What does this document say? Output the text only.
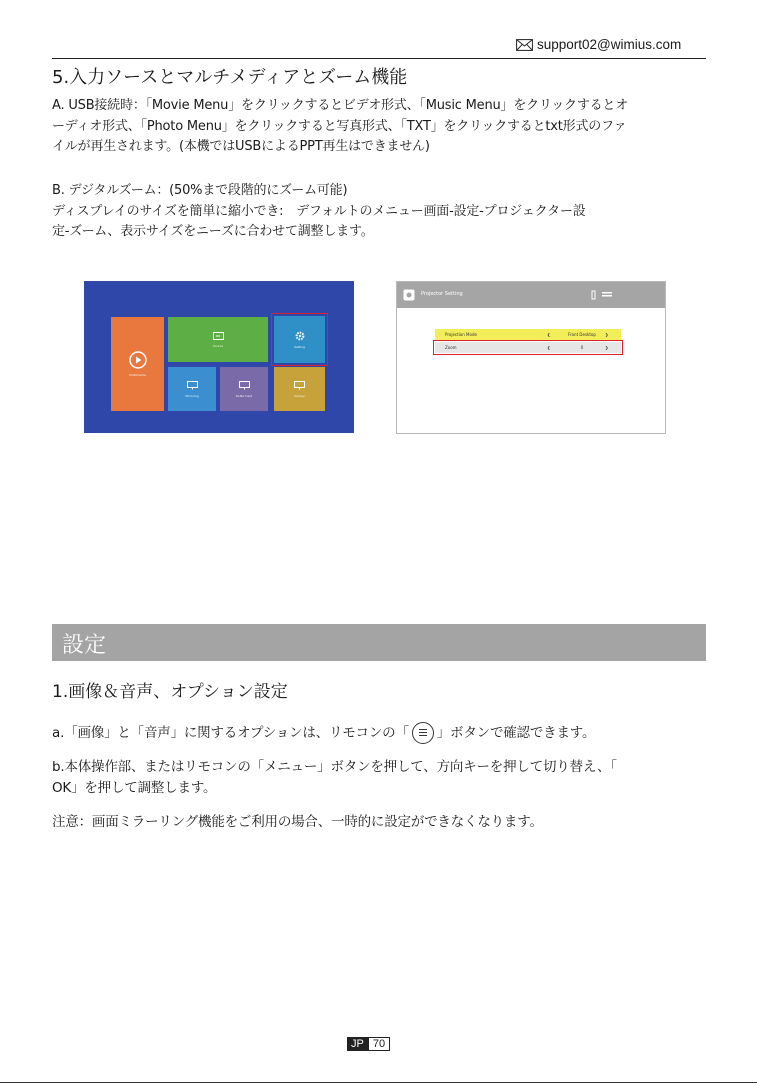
support02@wimius.com
5.入力ソースとマルチメディアとズーム機能
A. USB接続時：「Movie Menu」をクリックするとビデオ形式、「Music Menu」をクリックするとオ
ーディオ形式、「Photo Menu」をクリックすると写真形式、「TXT」をクリックするとtxt形式のファ
イルが再生されます。(本機ではUSBによるPPT再生はできません)
B. デジタルズーム：(50%まで段階的にズーム可能)
ディスプレイのサイズを簡単に縮小でき:　デフォルトのメニュー画面-設定-プロジェクター設
定-ズーム、表示サイズをニーズに合わせて調整します。
Multimedia
Source	Setting
Mirroring	DLNA Cast	Airplay
Projector Setting
Projection Mode	❮	Front Desktop	❯
Zoom	❮	0	❯
設定
1.画像＆音声、オプション設定
a.「画像」と「音声」に関するオプションは、リモコンの「 」ボタンで確認できます。
b.本体操作部、またはリモコンの「メニュー」ボタンを押して、方向キーを押して切り替え、「
OK」を押して調整します。
注意：画面ミラーリング機能をご利用の場合、一時的に設定ができなくなります。
JP 70
